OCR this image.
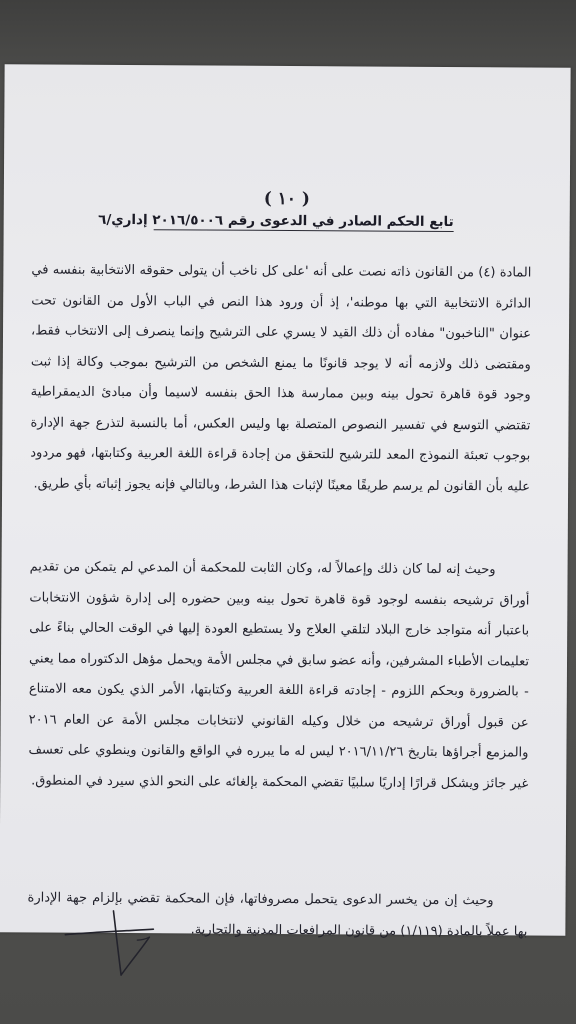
( ١٠ )
تابع الحكم الصادر في الدعوى رقم ٢٠١٦/٥٠٠٦ إداري/٦

المادة (٤) من القانون ذاته نصت على أنه 'على كل ناخب أن يتولى حقوقه الانتخابية بنفسه في الدائرة الانتخابية التي بها موطنه'، إذ أن ورود هذا النص في الباب الأول من القانون تحت عنوان "الناخبون" مفاده أن ذلك القيد لا يسري على الترشيح وإنما ينصرف إلى الانتخاب فقط، ومقتضى ذلك ولازمه أنه لا يوجد قانونًا ما يمنع الشخص من الترشيح بموجب وكالة إذا ثبت وجود قوة قاهرة تحول بينه وبين ممارسة هذا الحق بنفسه لاسيما وأن مبادئ الديمقراطية تقتضي التوسع في تفسير النصوص المتصلة بها وليس العكس، أما بالنسبة لتذرع جهة الإدارة بوجوب تعبئة النموذج المعد للترشيح للتحقق من إجادة قراءة اللغة العربية وكتابتها، فهو مردود عليه بأن القانون لم يرسم طريقًا معينًا لإثبات هذا الشرط، وبالتالي فإنه يجوز إثباته بأي طريق.

وحيث إنه لما كان ذلك وإعمالاً له، وكان الثابت للمحكمة أن المدعي لم يتمكن من تقديم أوراق ترشيحه بنفسه لوجود قوة قاهرة تحول بينه وبين حضوره إلى إدارة شؤون الانتخابات باعتبار أنه متواجد خارج البلاد لتلقي العلاج ولا يستطيع العودة إليها في الوقت الحالي بناءً على تعليمات الأطباء المشرفين، وأنه عضو سابق في مجلس الأمة ويحمل مؤهل الدكتوراه مما يعني - بالضرورة وبحكم اللزوم - إجادته قراءة اللغة العربية وكتابتها، الأمر الذي يكون معه الامتناع عن قبول أوراق ترشيحه من خلال وكيله القانوني لانتخابات مجلس الأمة عن العام ٢٠١٦ والمزمع أجراؤها بتاريخ ٢٠١٦/١١/٢٦ ليس له ما يبرره في الواقع والقانون وينطوي على تعسف غير جائز ويشكل قرارًا إداريًا سلبيًا تقضي المحكمة بإلغائه على النحو الذي سيرد في المنطوق.

وحيث إن من يخسر الدعوى يتحمل مصروفاتها، فإن المحكمة تقضي بإلزام جهة الإدارة بها عملاً بالمادة (١/١١٩) من قانون المرافعات المدنية والتجارية.
